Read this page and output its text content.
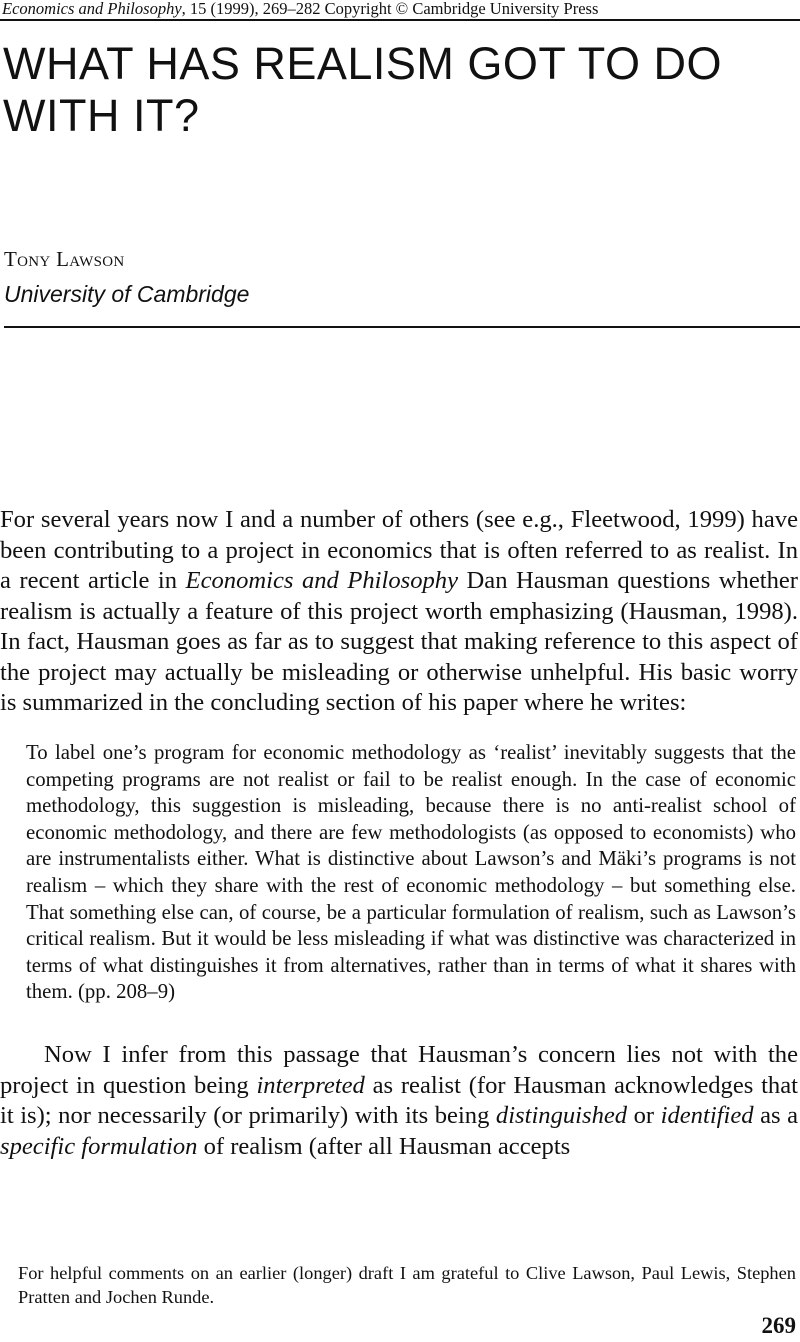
Economics and Philosophy, 15 (1999), 269–282 Copyright © Cambridge University Press
WHAT HAS REALISM GOT TO DO WITH IT?
Tony Lawson
University of Cambridge

For several years now I and a number of others (see e.g., Fleetwood, 1999) have been contributing to a project in economics that is often referred to as realist. In a recent article in Economics and Philosophy Dan Hausman questions whether realism is actually a feature of this project worth emphasizing (Hausman, 1998). In fact, Hausman goes as far as to suggest that making reference to this aspect of the project may actually be misleading or otherwise unhelpful. His basic worry is summarized in the concluding section of his paper where he writes:

To label one’s program for economic methodology as ‘realist’ inevitably suggests that the competing programs are not realist or fail to be realist enough. In the case of economic methodology, this suggestion is misleading, because there is no anti-realist school of economic methodology, and there are few methodologists (as opposed to economists) who are instrumentalists either. What is distinctive about Lawson’s and Mäki’s programs is not realism – which they share with the rest of economic methodology – but something else. That something else can, of course, be a particular formulation of realism, such as Lawson’s critical realism. But it would be less misleading if what was distinctive was characterized in terms of what distinguishes it from alternatives, rather than in terms of what it shares with them. (pp. 208–9)

Now I infer from this passage that Hausman’s concern lies not with the project in question being interpreted as realist (for Hausman acknowledges that it is); nor necessarily (or primarily) with its being distinguished or identified as a specific formulation of realism (after all Hausman accepts

For helpful comments on an earlier (longer) draft I am grateful to Clive Lawson, Paul Lewis, Stephen Pratten and Jochen Runde.

269
